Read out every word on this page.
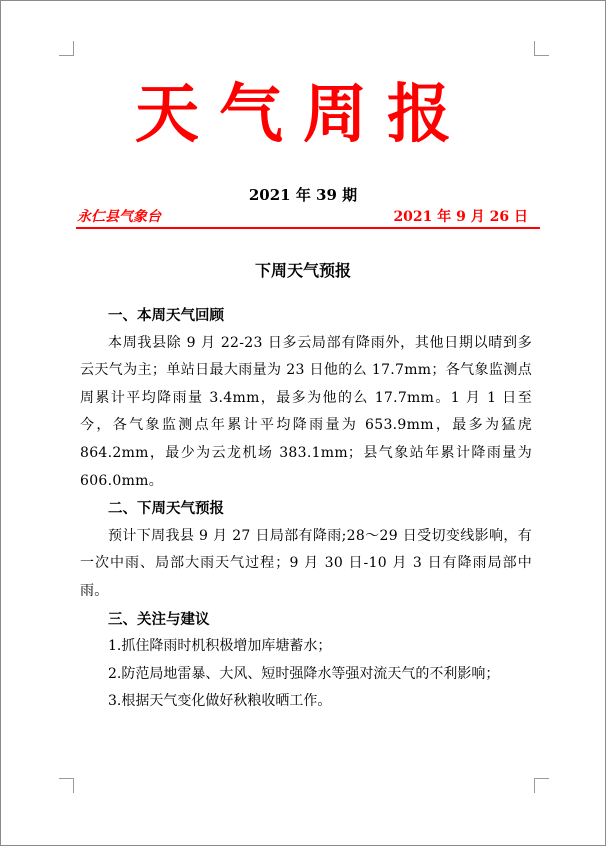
天气周报
2021 年 39 期
永仁县气象台	2021 年 9 月 26 日
下周天气预报
一、本周天气回顾
本周我县除 9 月 22-23 日多云局部有降雨外，其他日期以晴到多云天气为主；单站日最大雨量为 23 日他的么 17.7mm；各气象监测点周累计平均降雨量 3.4mm，最多为他的么 17.7mm。1 月 1 日至今，各气象监测点年累计平均降雨量为 653.9mm，最多为猛虎 864.2mm，最少为云龙机场 383.1mm；县气象站年累计降雨量为 606.0mm。
二、下周天气预报
预计下周我县 9 月 27 日局部有降雨;28～29 日受切变线影响，有一次中雨、局部大雨天气过程；9 月 30 日-10 月 3 日有降雨局部中雨。
三、关注与建议
1.抓住降雨时机积极增加库塘蓄水；
2.防范局地雷暴、大风、短时强降水等强对流天气的不利影响；
3.根据天气变化做好秋粮收晒工作。
